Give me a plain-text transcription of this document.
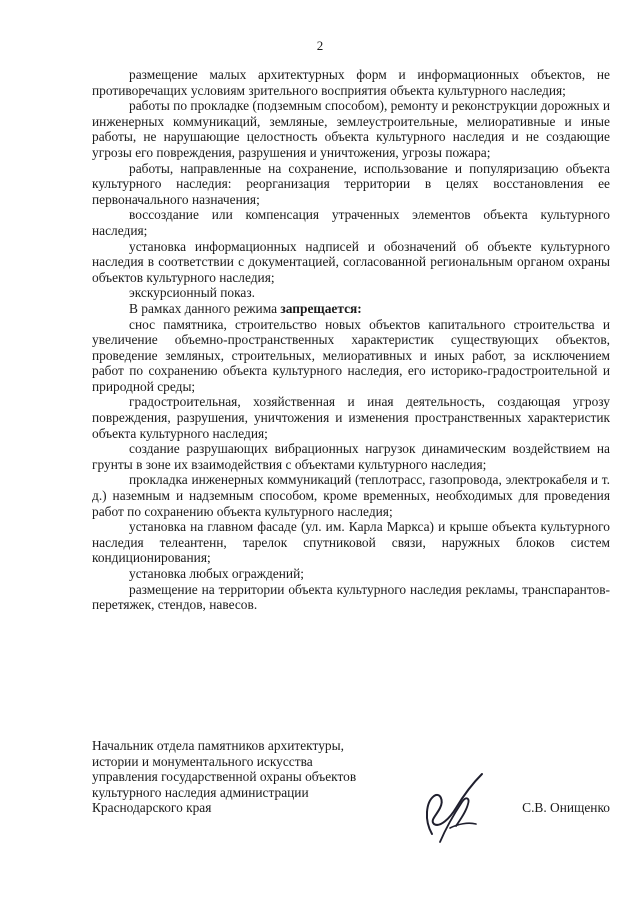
2

размещение малых архитектурных форм и информационных объектов, не противоречащих условиям зрительного восприятия объекта культурного наследия;

работы по прокладке (подземным способом), ремонту и реконструкции дорожных и инженерных коммуникаций, земляные, землеустроительные, мелиоративные и иные работы, не нарушающие целостность объекта культурного наследия и не создающие угрозы его повреждения, разрушения и уничтожения, угрозы пожара;

работы, направленные на сохранение, использование и популяризацию объекта культурного наследия: реорганизация территории в целях восстановления ее первоначального назначения;

воссоздание или компенсация утраченных элементов объекта культурного наследия;

установка информационных надписей и обозначений об объекте культурного наследия в соответствии с документацией, согласованной региональным органом охраны объектов культурного наследия;

экскурсионный показ.

В рамках данного режима запрещается:

снос памятника, строительство новых объектов капитального строительства и увеличение объемно-пространственных характеристик существующих объектов, проведение земляных, строительных, мелиоративных и иных работ, за исключением работ по сохранению объекта культурного наследия, его историко-градостроительной и природной среды;

градостроительная, хозяйственная и иная деятельность, создающая угрозу повреждения, разрушения, уничтожения и изменения пространственных характеристик объекта культурного наследия;

создание разрушающих вибрационных нагрузок динамическим воздействием на грунты в зоне их взаимодействия с объектами культурного наследия;

прокладка инженерных коммуникаций (теплотрасс, газопровода, электрокабеля и т. д.) наземным и надземным способом, кроме временных, необходимых для проведения работ по сохранению объекта культурного наследия;

установка на главном фасаде (ул. им. Карла Маркса) и крыше объекта культурного наследия телеантенн, тарелок спутниковой связи, наружных блоков систем кондиционирования;

установка любых ограждений;

размещение на территории объекта культурного наследия рекламы, транспарантов-перетяжек, стендов, навесов.

Начальник отдела памятников архитектуры,
истории и монументального искусства
управления государственной охраны объектов
культурного наследия администрации
Краснодарского края	С.В. Онищенко
